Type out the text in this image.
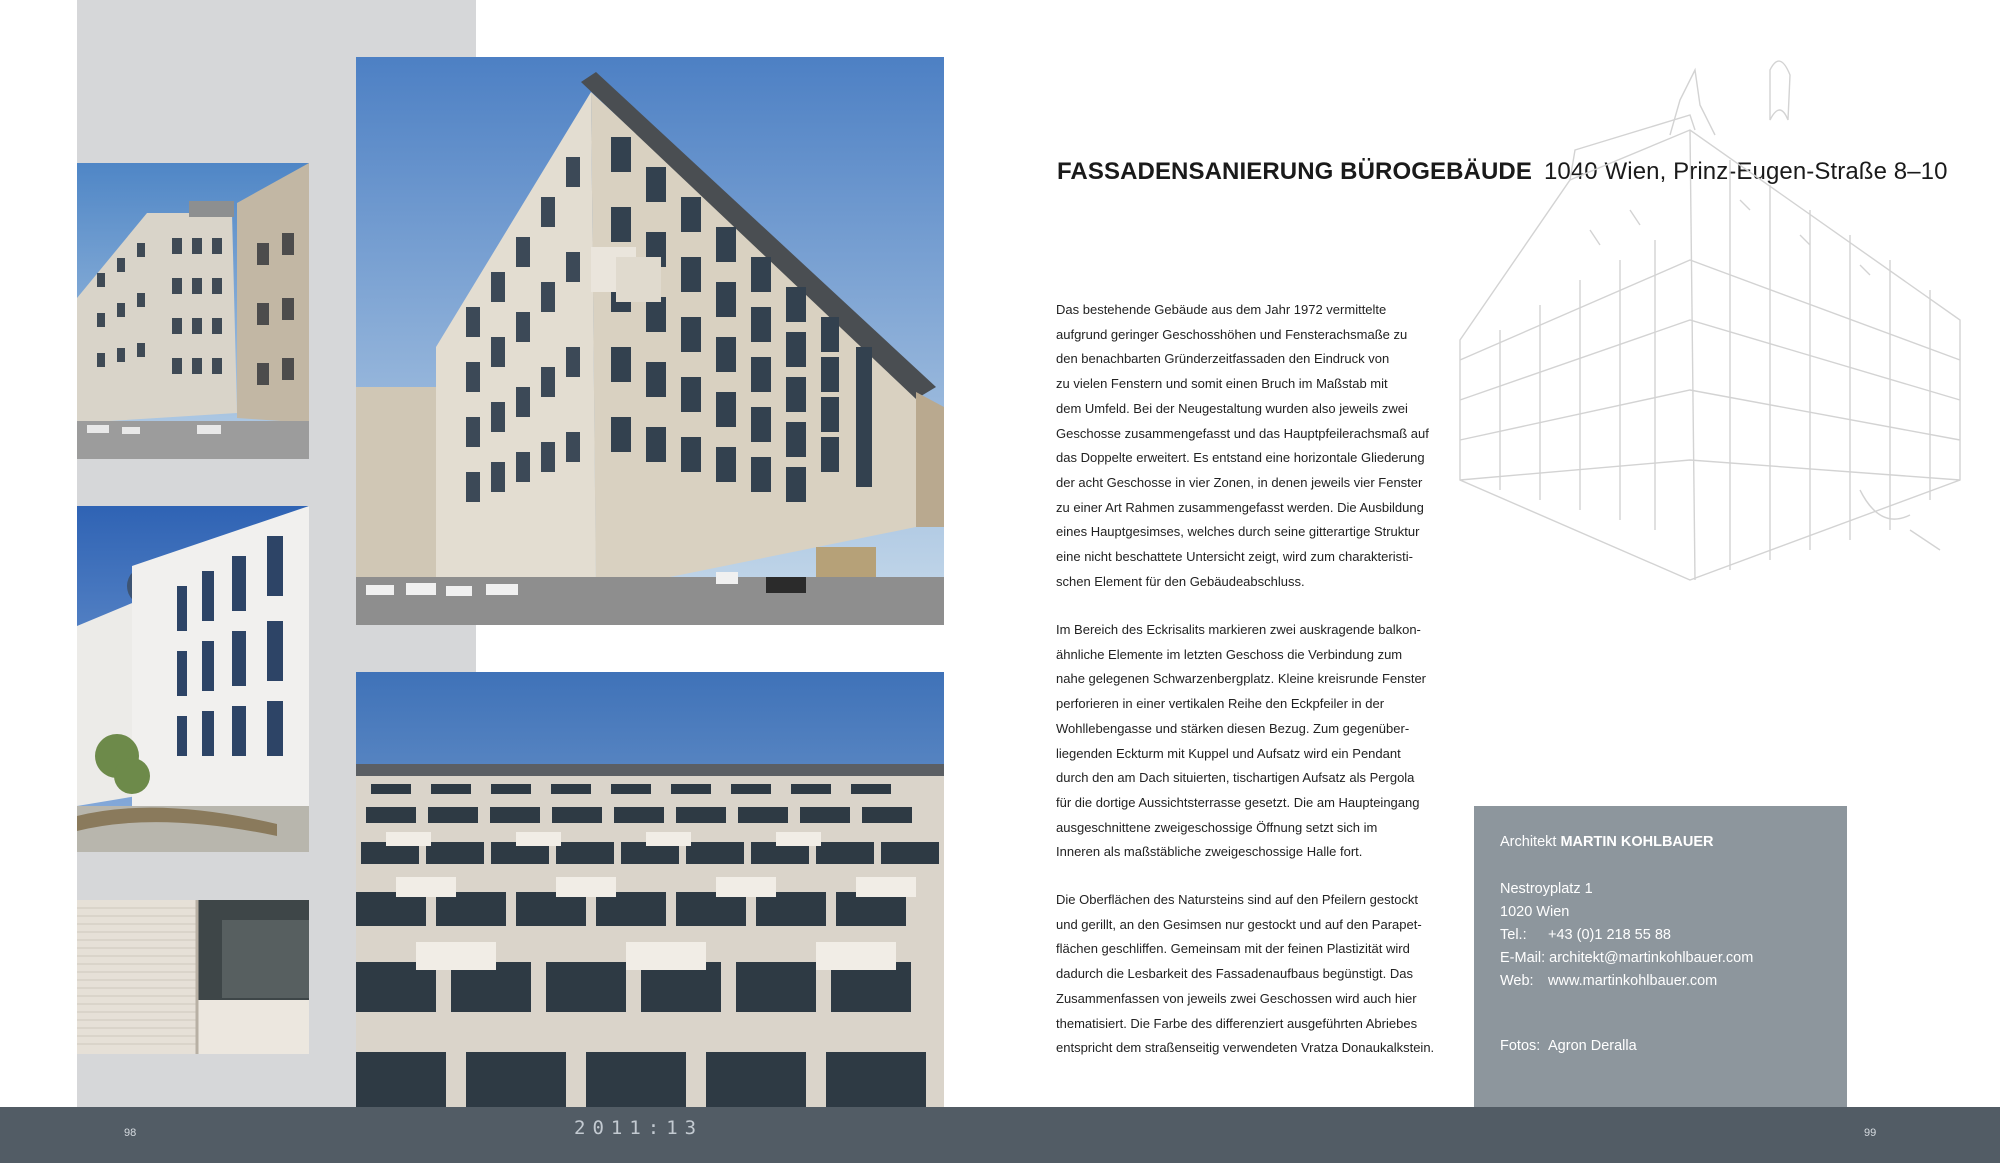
FASSADENSANIERUNG BÜROGEBÄUDE 1040 Wien, Prinz-Eugen-Straße 8–10

Das bestehende Gebäude aus dem Jahr 1972 vermittelte
aufgrund geringer Geschosshöhen und Fensterachsmaße zu
den benachbarten Gründerzeitfassaden den Eindruck von
zu vielen Fenstern und somit einen Bruch im Maßstab mit
dem Umfeld. Bei der Neugestaltung wurden also jeweils zwei
Geschosse zusammengefasst und das Hauptpfeilerachsmaß auf
das Doppelte erweitert. Es entstand eine horizontale Gliederung
der acht Geschosse in vier Zonen, in denen jeweils vier Fenster
zu einer Art Rahmen zusammengefasst werden. Die Ausbildung
eines Hauptgesimses, welches durch seine gitterartige Struktur
eine nicht beschattete Untersicht zeigt, wird zum charakteristi-
schen Element für den Gebäudeabschluss.

Im Bereich des Eckrisalits markieren zwei auskragende balkon-
ähnliche Elemente im letzten Geschoss die Verbindung zum
nahe gelegenen Schwarzenbergplatz. Kleine kreisrunde Fenster
perforieren in einer vertikalen Reihe den Eckpfeiler in der
Wohllebengasse und stärken diesen Bezug. Zum gegenüber-
liegenden Eckturm mit Kuppel und Aufsatz wird ein Pendant
durch den am Dach situierten, tischartigen Aufsatz als Pergola
für die dortige Aussichtsterrasse gesetzt. Die am Haupteingang
ausgeschnittene zweigeschossige Öffnung setzt sich im
Inneren als maßstäbliche zweigeschossige Halle fort.

Die Oberflächen des Natursteins sind auf den Pfeilern gestockt
und gerillt, an den Gesimsen nur gestockt und auf den Parapet-
flächen geschliffen. Gemeinsam mit der feinen Plastizität wird
dadurch die Lesbarkeit des Fassadenaufbaus begünstigt. Das
Zusammenfassen von jeweils zwei Geschossen wird auch hier
thematisiert. Die Farbe des differenziert ausgeführten Abriebes
entspricht dem straßenseitig verwendeten Vratza Donaukalkstein.

Architekt MARTIN KOHLBAUER
Nestroyplatz 1
1020 Wien
Tel.: +43 (0)1 218 55 88
E-Mail: architekt@martinkohlbauer.com
Web: www.martinkohlbauer.com
Fotos: Agron Deralla
98	2011:13	99
